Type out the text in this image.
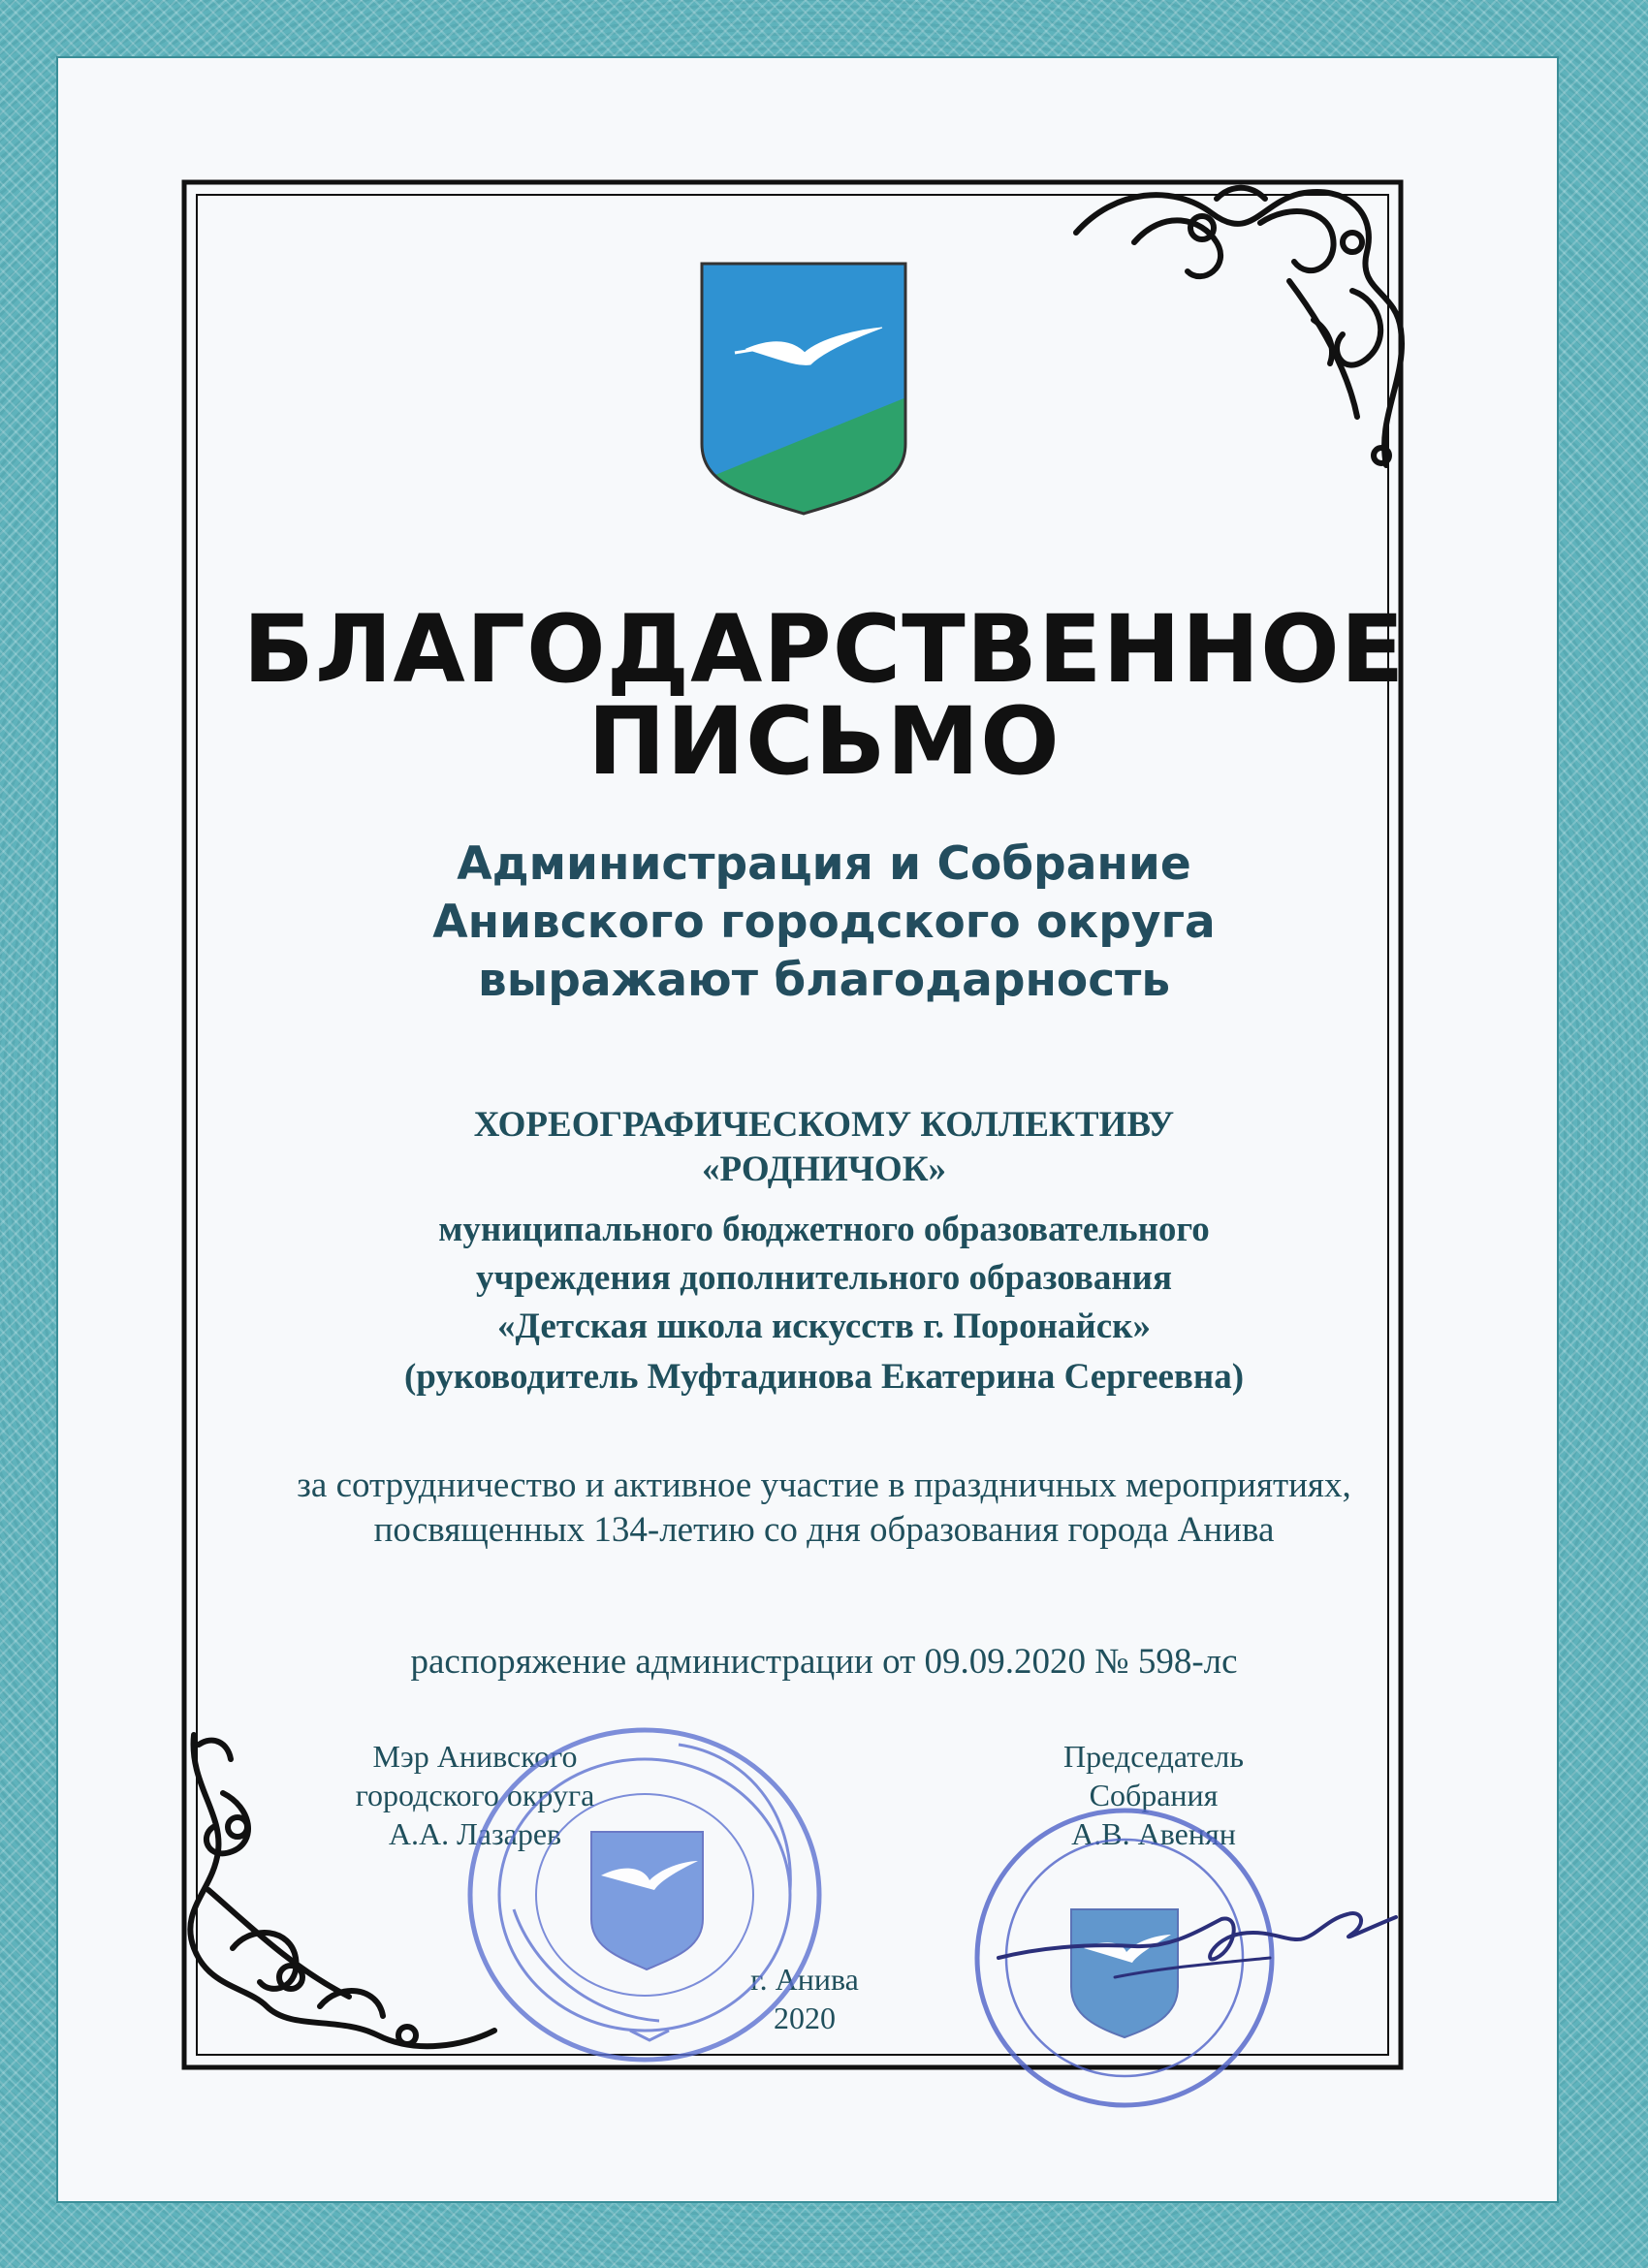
БЛАГОДАРСТВЕННОЕ

ПИСЬМО

Администрация и Собрание

Анивского городского округа

выражают благодарность

ХОРЕОГРАФИЧЕСКОМУ КОЛЛЕКТИВУ

«РОДНИЧОК»

муниципального бюджетного образовательного

учреждения дополнительного образования

«Детская школа искусств г. Поронайск»

(руководитель Муфтадинова Екатерина Сергеевна)

за сотрудничество и активное участие в праздничных мероприятиях,

посвященных 134-летию со дня образования города Анива

распоряжение администрации от 09.09.2020 № 598-лс

Мэр Анивского
городского округа
А.А. Лазарев
Председатель
Собрания
А.В. Авенян
г. Анива
2020
